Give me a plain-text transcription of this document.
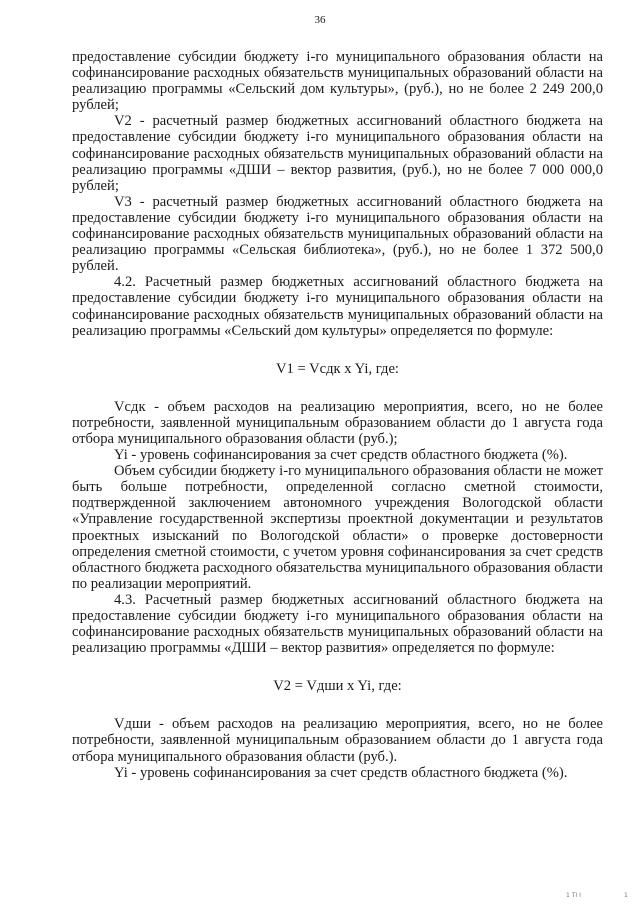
36

предоставление субсидии бюджету i-го муниципального образования области на софинансирование расходных обязательств муниципальных образований области на реализацию программы «Сельский дом культуры», (руб.), но не более 2 249 200,0 рублей;

V2 - расчетный размер бюджетных ассигнований областного бюджета на предоставление субсидии бюджету i-го муниципального образования области на софинансирование расходных обязательств муниципальных образований области на реализацию программы «ДШИ – вектор развития, (руб.), но не более 7 000 000,0 рублей;

V3 - расчетный размер бюджетных ассигнований областного бюджета на предоставление субсидии бюджету i-го муниципального образования области на софинансирование расходных обязательств муниципальных образований области на реализацию программы «Сельская библиотека», (руб.), но не более 1 372 500,0 рублей.

4.2. Расчетный размер бюджетных ассигнований областного бюджета на предоставление субсидии бюджету i-го муниципального образования области на софинансирование расходных обязательств муниципальных образований области на реализацию программы «Сельский дом культуры» определяется по формуле:

V1 = Vсдк x Yi, где:

Vсдк - объем расходов на реализацию мероприятия, всего, но не более потребности, заявленной муниципальным образованием области до 1 августа года отбора муниципального образования области (руб.);

Yi - уровень софинансирования за счет средств областного бюджета (%).

Объем субсидии бюджету i-го муниципального образования области не может быть больше потребности, определенной согласно сметной стоимости, подтвержденной заключением автономного учреждения Вологодской области «Управление государственной экспертизы проектной документации и результатов проектных изысканий по Вологодской области» о проверке достоверности определения сметной стоимости, с учетом уровня софинансирования за счет средств областного бюджета расходного обязательства муниципального образования области по реализации мероприятий.

4.3. Расчетный размер бюджетных ассигнований областного бюджета на предоставление субсидии бюджету i-го муниципального образования области на софинансирование расходных обязательств муниципальных образований области на реализацию программы «ДШИ – вектор развития» определяется по формуле:

V2 = Vдши x Yi, где:

Vдши - объем расходов на реализацию мероприятия, всего, но не более потребности, заявленной муниципальным образованием области до 1 августа года отбора муниципального образования области (руб.).

Yi - уровень софинансирования за счет средств областного бюджета (%).

1 TI I	1
